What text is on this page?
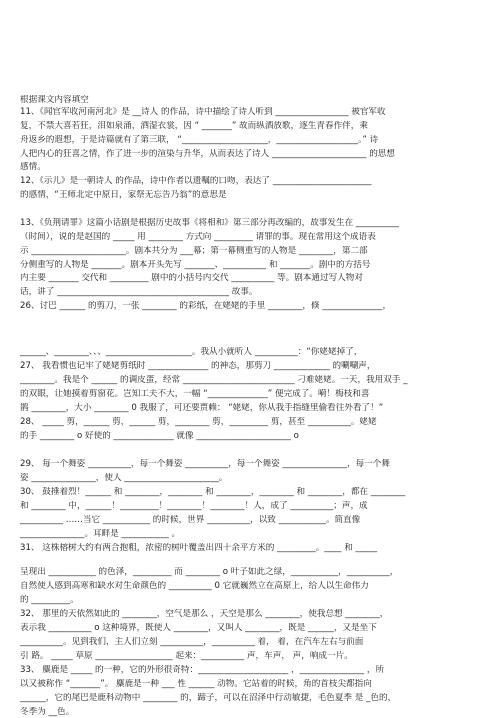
根据课文内容填空
11、《闻官军收河南河北》是 __诗人 的作品，诗中描绘了诗人听到 _________________ 被官军收
复，不禁大喜若狂，泪如泉涌，洒湿衣裳，因 “ _______” 故而纵酒放歌，逐生青春作伴，乘
舟返乡的遐想，于是诗篇就有了第三联， “____________________，___________________。” 诗
人把内心的狂喜之情，作了进一步的渲染与升华，从而表达了诗人 ______________________ 的思想
感情。
12、《示儿》是一朝诗人 的作品，诗中作者以遗嘱的口吻，表达了 _______________________
的感情，“王师北定中原日，家祭无忘告乃翁”的意思是
13、《负荆请罪》这篇小话剧是根据历史故事《将相和》第三部分再改编的，故事发生在 __________
（时间），说的是赵国的 _____ 用 ________ 方式向 _________ 请罪的事。现在常用这个成语表
示 ______________________。剧本共分为 ___幕；第一幕侧重写的人物是 ________，第二部
分侧重写的人物是 _______。剧本开头先写 _______、__________ 和 _______。剧中的方括号
内主要 _______ 交代和 _________ 剧中的小括号内交代 __________ 等。剧本通过写人物对
话，讲了 ________________________________________ 故事。
26、讨巴 ______ 的剪刀，一张 ________ 的彩纸，在姥姥的手里 ________，倏 ______________，
______、________、、、____________________。我从小就听人 __________：“你姥姥掉了，
27、 我看惯也记牢了姥姥剪纸时 ______________ 的神态，那剪刀 _____________ 的唰唰声，
________。我是个 ______ 的调皮蛋，经常 __________________________ 刁难姥姥。一天，我用双手 _
的双眼，让她摸着剪窗花。岂知工夫不大，一幅 “______________” 便完成了。嗬！梅枝和喜
鹊 ________，大小 ________ 0 我服了，可还要贾赖： “姥姥，你从我手指缝里偷看往外看了！”
28、 _____ 剪，______ 剪，______ 剪，________ 剪，_________ 剪，甚至 __________。姥姥
的手 ________ o 好使的 ______________ 就像 ______________________ o
29、 每一个舞姿 __________，每一个舞姿 __________，每一个舞姿 _______________，每一个舞
姿 _______________，使人 ______________________。
30、 鼓捶着烈！______ 和 ________，________ 和 ________，________ 和 ________，都在 ________
和 ________ 中，______！_________！________！________！人，成了 __________；声，成
__________ ……当它 ___________ 的时候，世界 __________，以致 ___________。简直像
_______________。耳畔是 ___________ 。
31、 这株榕树大约有两合抱粗，浓密的树叶覆盖出四十余平方米的 _________。____ 和 _____
呈现出 ___________ 的色泽，_________ 而 ________ o 叶子如此之绿，___________，__________，
自然使人感到高寒和缺水对生命颜色的 __________ 0 它就巍然立在高原上，给人以生命伟力
的 _________。
32、 那里的天依然如此的 ________，空气是那么 ，天空是那么 ________，使我总想 ________，
表示我 __________ o 这种境界，既使人 ________，又叫人 ________，既是 ______，又是坐下
__________。见到我们，主人们立刻 __________，__________ 着， 着，在汽车左右与前面
引 路。 _____ 草原 __________________ 起来：__________ 声，车声， 声，响成一片。
33、 麋鹿是 _____ 的一种，它的外形很奇特：_____________________ ，_______________ ，所
以又被称作 “_______”。 麋鹿是一种 ___ 性 ______ 动物。它站着的时候，角的首枝尖都指向
______，它的尾巴是鹿科动物中 ________ 的，蹄子，可以在沼泽中行动敏捷，毛色夏季 是 _色的，
冬季为 __色。
